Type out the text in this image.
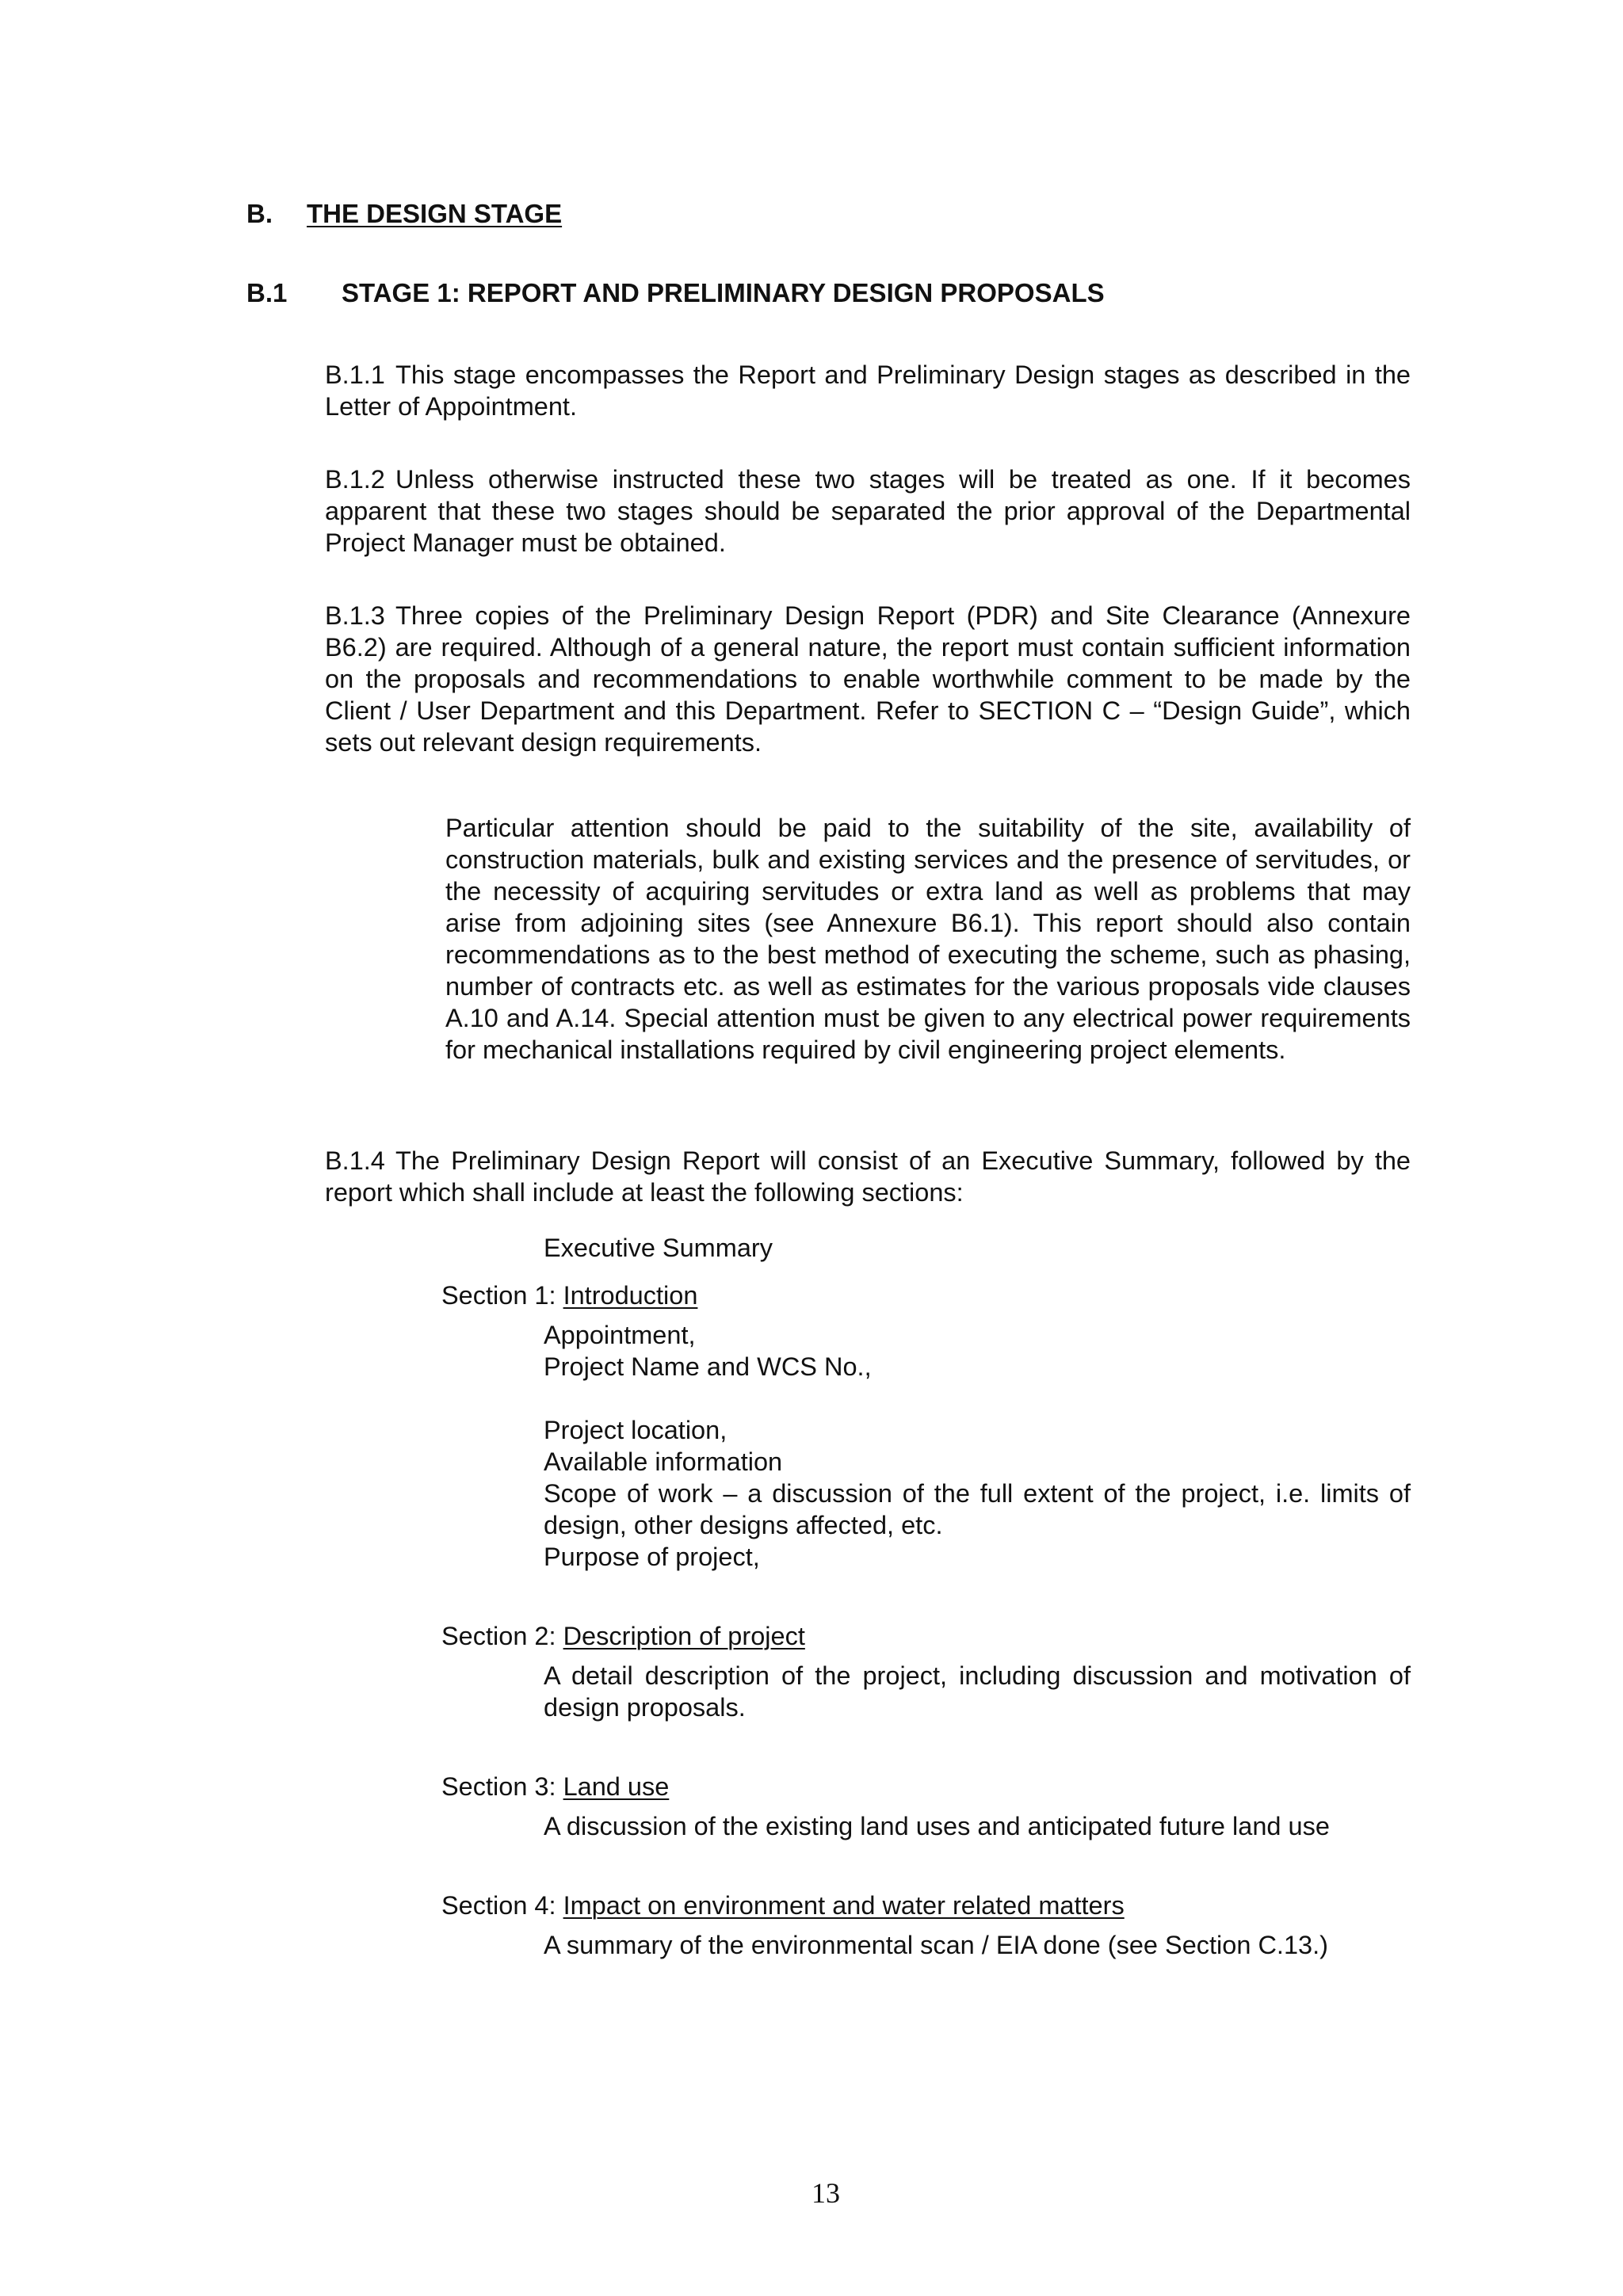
B. THE DESIGN STAGE
B.1 STAGE 1: REPORT AND PRELIMINARY DESIGN PROPOSALS
B.1.1 This stage encompasses the Report and Preliminary Design stages as described in the Letter of Appointment.
B.1.2 Unless otherwise instructed these two stages will be treated as one. If it becomes apparent that these two stages should be separated the prior approval of the Departmental Project Manager must be obtained.
B.1.3 Three copies of the Preliminary Design Report (PDR) and Site Clearance (Annexure B6.2) are required. Although of a general nature, the report must contain sufficient information on the proposals and recommendations to enable worthwhile comment to be made by the Client / User Department and this Department. Refer to SECTION C – “Design Guide”, which sets out relevant design requirements.
Particular attention should be paid to the suitability of the site, availability of construction materials, bulk and existing services and the presence of servitudes, or the necessity of acquiring servitudes or extra land as well as problems that may arise from adjoining sites (see Annexure B6.1). This report should also contain recommendations as to the best method of executing the scheme, such as phasing, number of contracts etc. as well as estimates for the various proposals vide clauses A.10 and A.14. Special attention must be given to any electrical power requirements for mechanical installations required by civil engineering project elements.
B.1.4 The Preliminary Design Report will consist of an Executive Summary, followed by the report which shall include at least the following sections:
Executive Summary
Section 1: Introduction
Appointment,
Project Name and WCS No.,
Project location,
Available information
Scope of work – a discussion of the full extent of the project, i.e. limits of design, other designs affected, etc.
Purpose of project,
Section 2: Description of project
A detail description of the project, including discussion and motivation of design proposals.
Section 3: Land use
A discussion of the existing land uses and anticipated future land use
Section 4: Impact on environment and water related matters
A summary of the environmental scan / EIA done (see Section C.13.)
13
